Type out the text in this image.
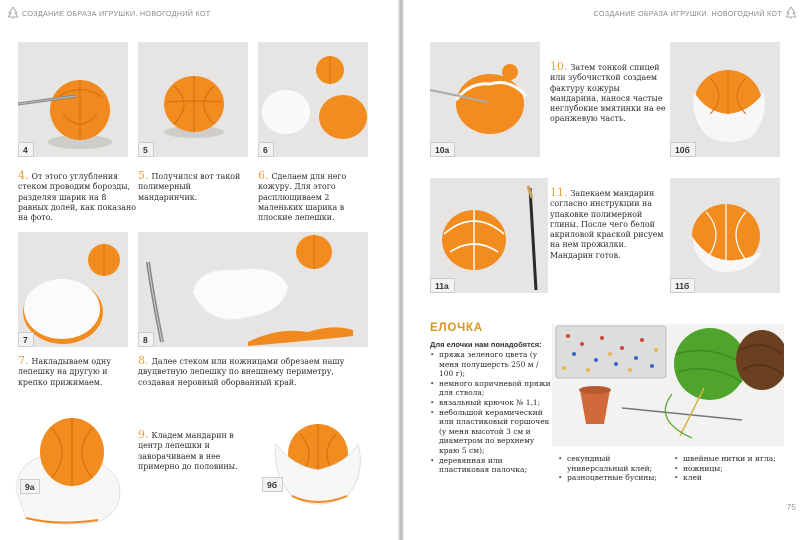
СОЗДАНИЕ ОБРАЗА ИГРУШКИ. НОВОГОДНИЙ КОТ
4	5	6

4. От этого углубления стеком проводим борозды, разделяя шарик на 8 равных долей, как показано на фото.

5. Получился вот такой полимерный мандаринчик.

6. Сделаем для него кожуру. Для этого расплющиваем 2 маленьких шарика в плоские лепешки.

7	8

7. Накладываем одну лепешку на другую и крепко прижимаем.

8. Далее стеком или ножницами обрезаем нашу двуцветную лепешку по внешнему периметру, создавая неровный оборванный край.

9а

9. Кладем мандарин в центр лепешки и заворачиваем в нее примерно до половины.

9б
СОЗДАНИЕ ОБРАЗА ИГРУШКИ. НОВОГОДНИЙ КОТ
10а

10. Затем тонкой спицей или зубочисткой создаем фактуру кожуры мандарина, нанося частые неглубокие вмятинки на ее оранжевую часть.

10б
11а

11. Запекаем мандарин согласно инструкции на упаковке полимерной глины. После чего белой акриловой краской рисуем на нем прожилки. Мандарин готов.

11б
ЕЛОЧКА

Для елочки нам понадобятся:

• пряжа зеленого цвета (у меня полушерсть 250 м / 100 г);
• немного коричневой пряжи для ствола;
• вязальный крючок № 1,1;
• небольшой керамический или пластиковый горшочек (у меня высотой 3 см и диаметром по верхнему краю 5 см);
• деревянная или пластиковая палочка;
• секундный универсальный клей;
• разноцветные бусины;
• швейные нитки и игла;
• ножницы;
• клей
75
